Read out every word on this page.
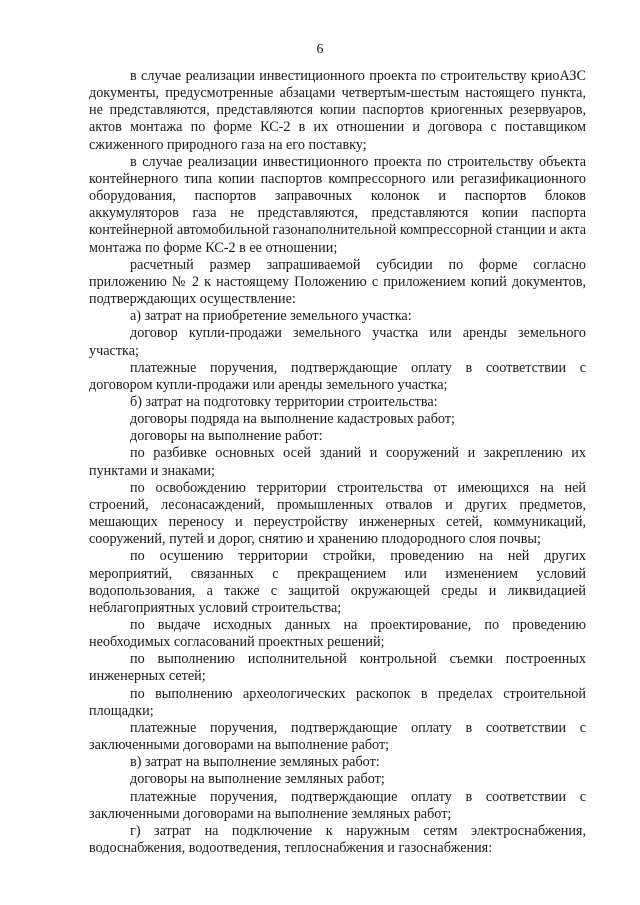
6

в случае реализации инвестиционного проекта по строительству криоАЗС документы, предусмотренные абзацами четвертым-шестым настоящего пункта, не представляются, представляются копии паспортов криогенных резервуаров, актов монтажа по форме КС-2 в их отношении и договора с поставщиком сжиженного природного газа на его поставку;

в случае реализации инвестиционного проекта по строительству объекта контейнерного типа копии паспортов компрессорного или регазификационного оборудования, паспортов заправочных колонок и паспортов блоков аккумуляторов газа не представляются, представляются копии паспорта контейнерной автомобильной газонаполнительной компрессорной станции и акта монтажа по форме КС-2 в ее отношении;

расчетный размер запрашиваемой субсидии по форме согласно приложению № 2 к настоящему Положению с приложением копий документов, подтверждающих осуществление:

а) затрат на приобретение земельного участка:

договор купли-продажи земельного участка или аренды земельного участка;

платежные поручения, подтверждающие оплату в соответствии с договором купли-продажи или аренды земельного участка;

б) затрат на подготовку территории строительства:

договоры подряда на выполнение кадастровых работ;

договоры на выполнение работ:

по разбивке основных осей зданий и сооружений и закреплению их пунктами и знаками;

по освобождению территории строительства от имеющихся на ней строений, лесонасаждений, промышленных отвалов и других предметов, мешающих переносу и переустройству инженерных сетей, коммуникаций, сооружений, путей и дорог, снятию и хранению плодородного слоя почвы;

по осушению территории стройки, проведению на ней других мероприятий, связанных с прекращением или изменением условий водопользования, а также с защитой окружающей среды и ликвидацией неблагоприятных условий строительства;

по выдаче исходных данных на проектирование, по проведению необходимых согласований проектных решений;

по выполнению исполнительной контрольной съемки построенных инженерных сетей;

по выполнению археологических раскопок в пределах строительной площадки;

платежные поручения, подтверждающие оплату в соответствии с заключенными договорами на выполнение работ;

в) затрат на выполнение земляных работ:

договоры на выполнение земляных работ;

платежные поручения, подтверждающие оплату в соответствии с заключенными договорами на выполнение земляных работ;

г) затрат на подключение к наружным сетям электроснабжения, водоснабжения, водоотведения, теплоснабжения и газоснабжения:
